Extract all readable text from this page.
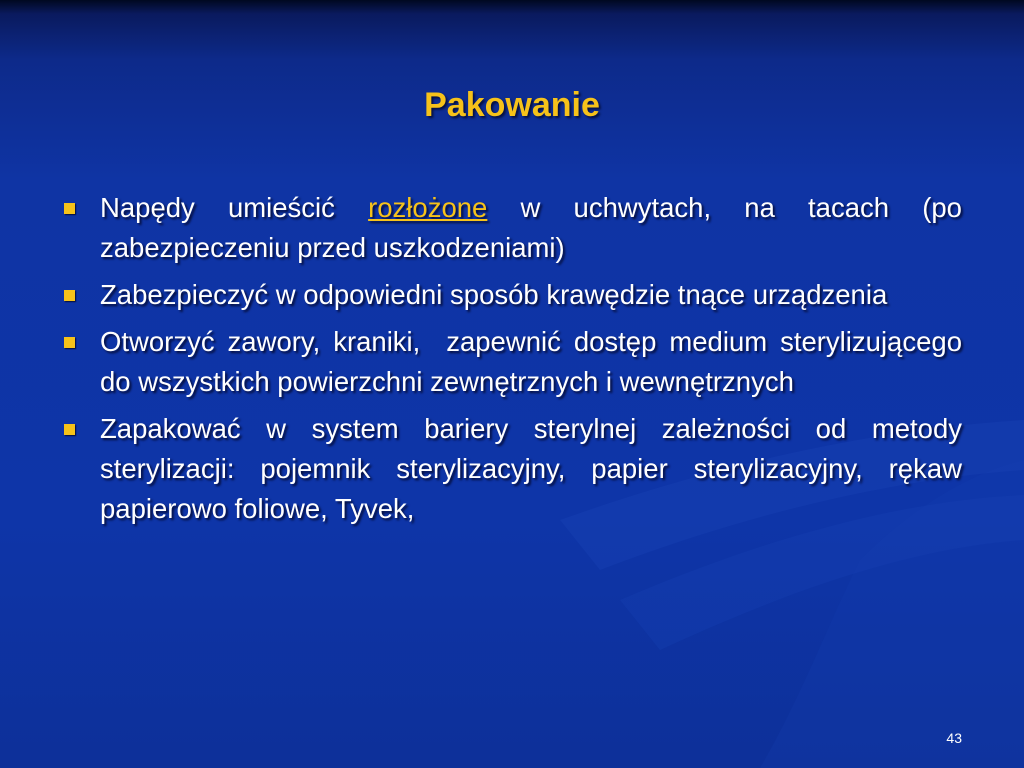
Pakowanie
Napędy umieścić rozłożone w uchwytach, na tacach (po zabezpieczeniu przed uszkodzeniami)
Zabezpieczyć w odpowiedni sposób krawędzie tnące urządzenia
Otworzyć zawory, kraniki,  zapewnić dostęp medium sterylizującego do wszystkich powierzchni zewnętrznych i wewnętrznych
Zapakować w system bariery sterylnej zależności od metody sterylizacji: pojemnik sterylizacyjny, papier sterylizacyjny, rękaw papierowo foliowe, Tyvek,
43
